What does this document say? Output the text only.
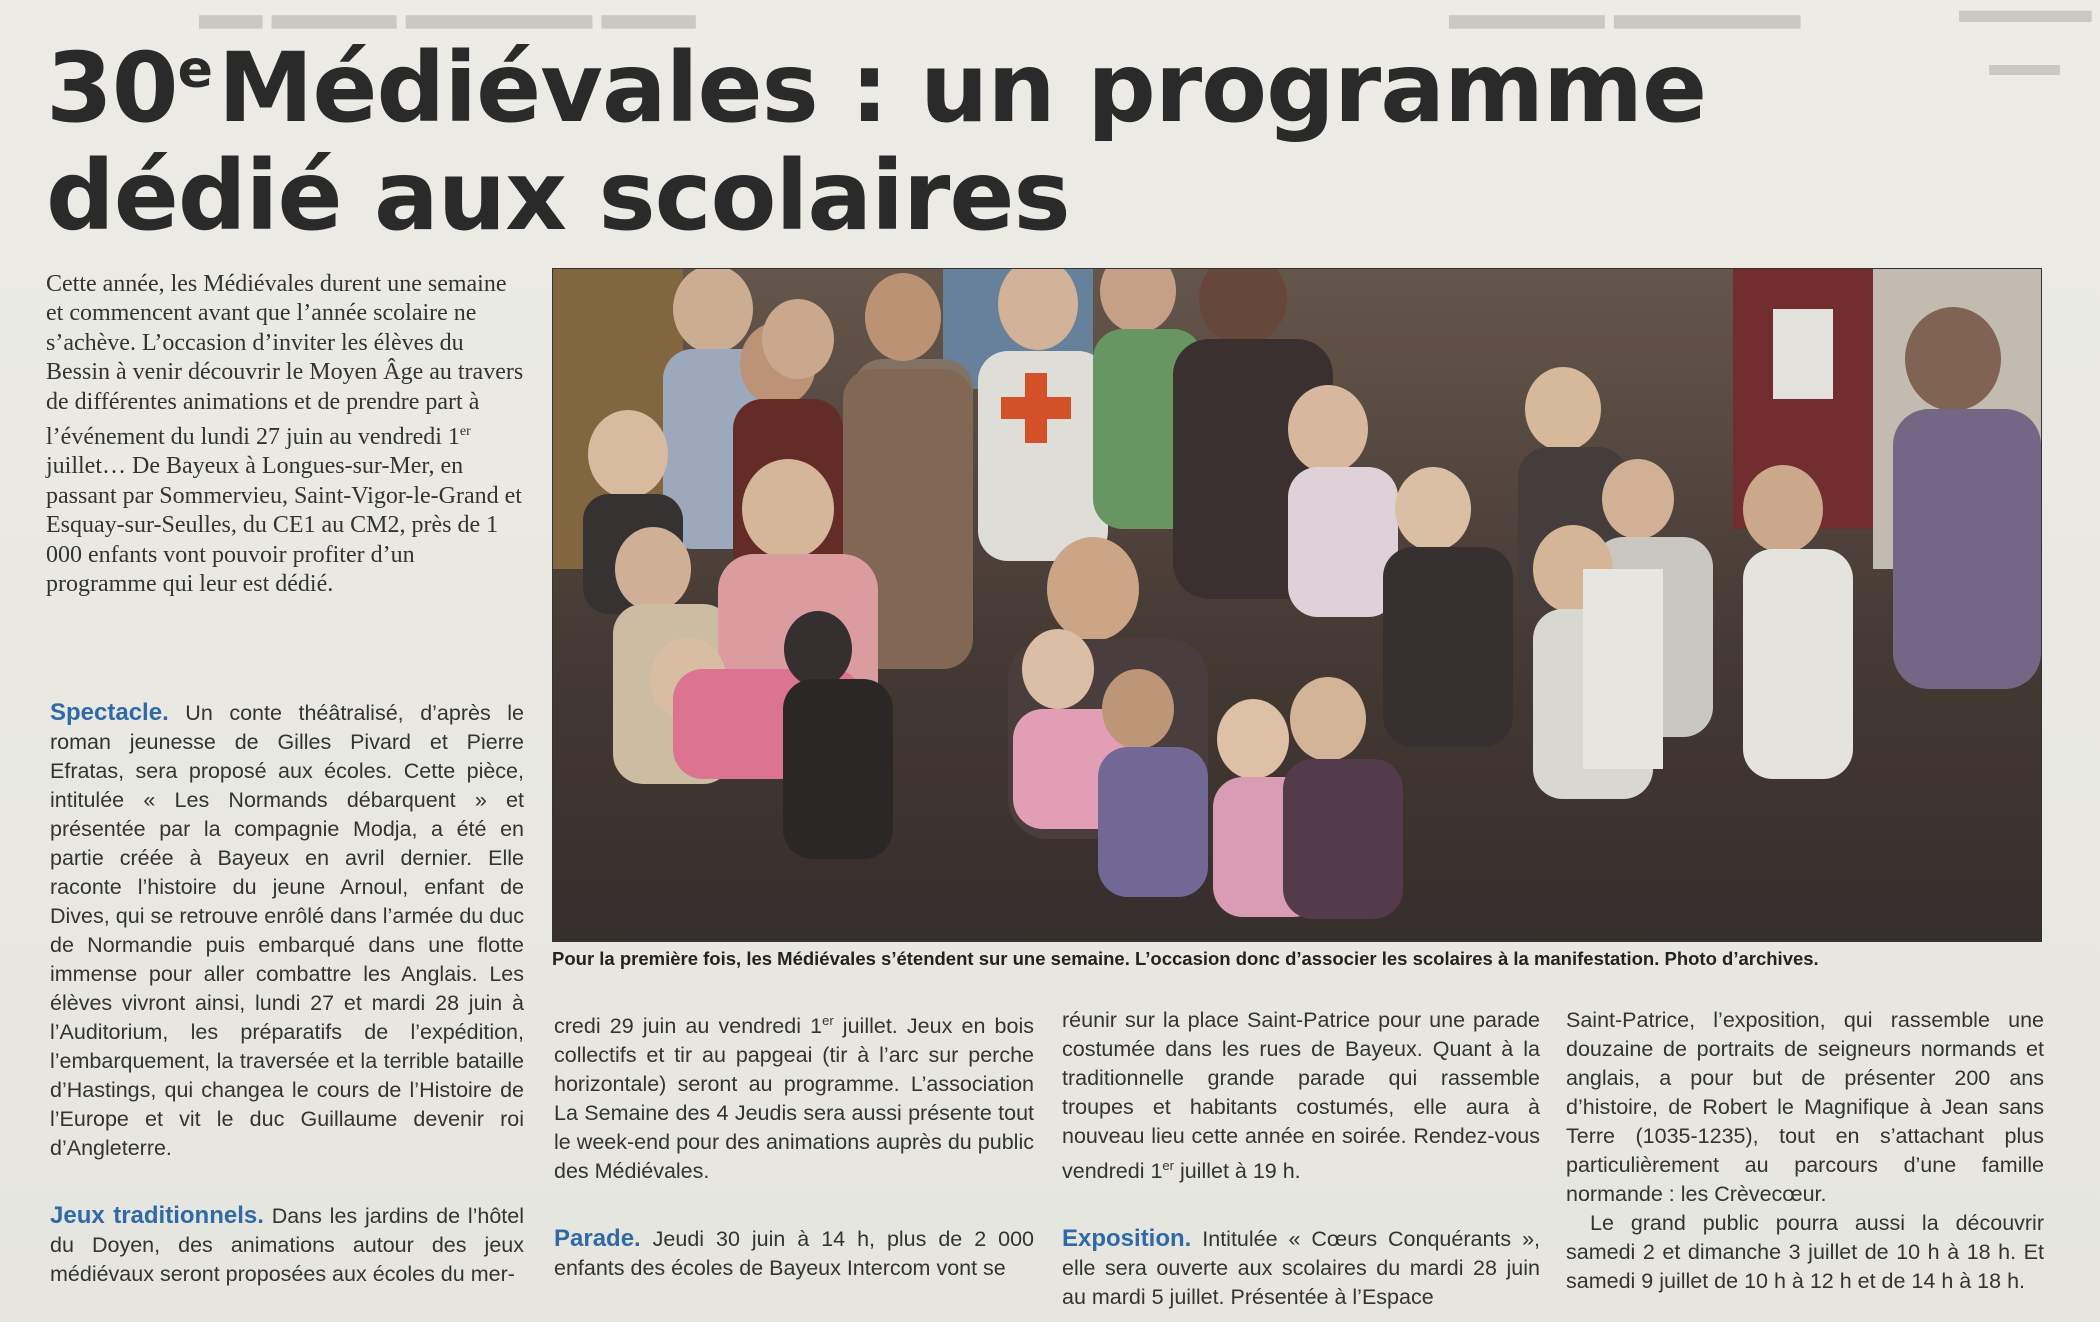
▂▂ ▂▂▂▂ ▂▂▂▂▂▂ ▂▂▂	▂▂▂▂▂ ▂▂▂▂▂▂	▂▂▂▂▂
▂▂▂
30eMédiévales : un programme
dédié aux scolaires
Cette année, les Médiévales durent une semaine et commencent avant que l’année scolaire ne s’achève. L’occasion d’inviter les élèves du Bessin à venir découvrir le Moyen Âge au travers de différentes animations et de prendre part à l’événement du lundi 27 juin au vendredi 1er juillet… De Bayeux à Longues-sur-Mer, en passant par Sommervieu, Saint-Vigor-le-Grand et Esquay-sur-Seulles, du CE1 au CM2, près de 1 000 enfants vont pouvoir profiter d’un programme qui leur est dédié.
Pour la première fois, les Médiévales s’étendent sur une semaine. L’occasion donc d’associer les scolaires à la manifestation. Photo d’archives.

Spectacle. Un conte théâtralisé, d’après le roman jeunesse de Gilles Pivard et Pierre Efratas, sera proposé aux écoles. Cette pièce, intitulée « Les Normands débarquent » et présentée par la compagnie Modja, a été en partie créée à Bayeux en avril dernier. Elle raconte l’histoire du jeune Arnoul, enfant de Dives, qui se retrouve enrôlé dans l’armée du duc de Normandie puis embarqué dans une flotte immense pour aller combattre les Anglais. Les élèves vivront ainsi, lundi 27 et mardi 28 juin à l’Auditorium, les préparatifs de l’expédition, l’embarquement, la traversée et la terrible bataille d’Hastings, qui changea le cours de l’Histoire de l’Europe et vit le duc Guillaume devenir roi d’Angleterre.

Jeux traditionnels. Dans les jardins de l’hôtel du Doyen, des animations autour des jeux médiévaux seront proposées aux écoles du mer-

credi 29 juin au vendredi 1er juillet. Jeux en bois collectifs et tir au papgeai (tir à l’arc sur perche horizontale) seront au programme. L’association La Semaine des 4 Jeudis sera aussi présente tout le week-end pour des animations auprès du public des Médiévales.

Parade. Jeudi 30 juin à 14 h, plus de 2 000 enfants des écoles de Bayeux Intercom vont se

réunir sur la place Saint-Patrice pour une parade costumée dans les rues de Bayeux. Quant à la traditionnelle grande parade qui rassemble troupes et habitants costumés, elle aura à nouveau lieu cette année en soirée. Rendez-vous vendredi 1er juillet à 19 h.

Exposition. Intitulée « Cœurs Conquérants », elle sera ouverte aux scolaires du mardi 28 juin au mardi 5 juillet. Présentée à l’Espace

Saint-Patrice, l’exposition, qui rassemble une douzaine de portraits de seigneurs normands et anglais, a pour but de présenter 200 ans d’histoire, de Robert le Magnifique à Jean sans Terre (1035-1235), tout en s’attachant plus particulièrement au parcours d’une famille normande : les Crèvecœur.

Le grand public pourra aussi la découvrir samedi 2 et dimanche 3 juillet de 10 h à 18 h. Et samedi 9 juillet de 10 h à 12 h et de 14 h à 18 h.
